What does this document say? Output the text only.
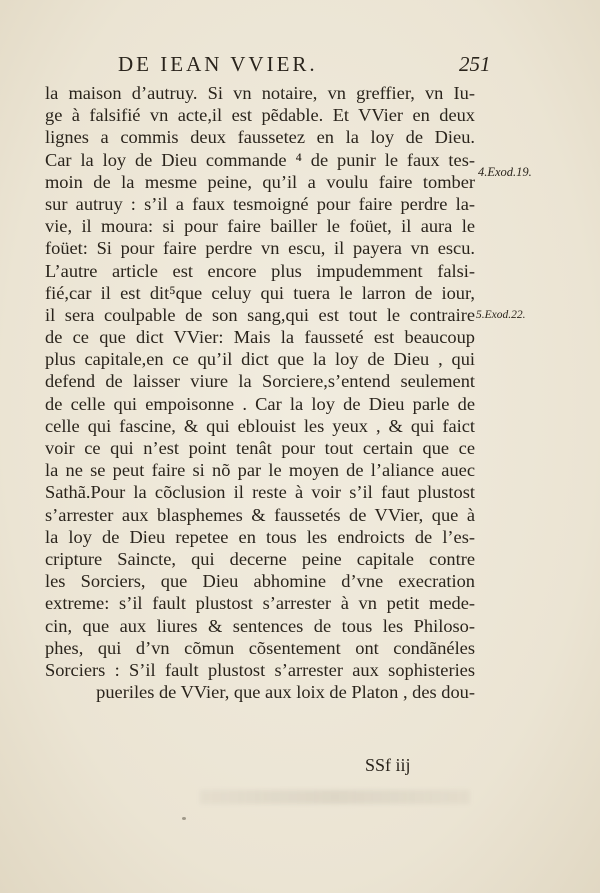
DE IEAN VVIER.	251
la maison d’autruy. Si vn notaire, vn greffier, vn Iu-
ge à falsifié vn acte,il est pẽdable. Et VVier en deux
lignes a commis deux faussetez en la loy de Dieu.
Car la loy de Dieu commande ⁴ de punir le faux tes-
moin de la mesme peine, qu’il a voulu faire tomber
sur autruy : s’il a faux tesmoigné pour faire perdre la-
vie, il moura: si pour faire bailler le foüet, il aura le
foüet: Si pour faire perdre vn escu, il payera vn escu.
L’autre article est encore plus impudemment falsi-
fié,car il est dit⁵que celuy qui tuera le larron de iour,
il sera coulpable de son sang,qui est tout le contraire
de ce que dict VVier: Mais la fausseté est beaucoup
plus capitale,en ce qu’il dict que la loy de Dieu , qui
defend de laisser viure la Sorciere,s’entend seulement
de celle qui empoisonne . Car la loy de Dieu parle de
celle qui fascine, & qui eblouist les yeux , & qui faict
voir ce qui n’est point tenât pour tout certain que ce
la ne se peut faire si nõ par le moyen de l’aliance auec
Sathã.Pour la cõclusion il reste à voir s’il faut plustost
s’arrester aux blasphemes & faussetés de VVier, que à
la loy de Dieu repetee en tous les endroicts de l’es-
cripture Saincte, qui decerne peine capitale contre
les Sorciers, que Dieu abhomine d’vne execration
extreme: s’il fault plustost s’arrester à vn petit mede-
cin, que aux liures & sentences de tous les Philoso-
phes, qui d’vn cõmun cõsentement ont condãnéles
Sorciers : S’il fault plustost s’arrester aux sophisteries
pueriles de VVier, que aux loix de Platon , des dou-
4.Exod.19.
5.Exod.22.
SSf iij
